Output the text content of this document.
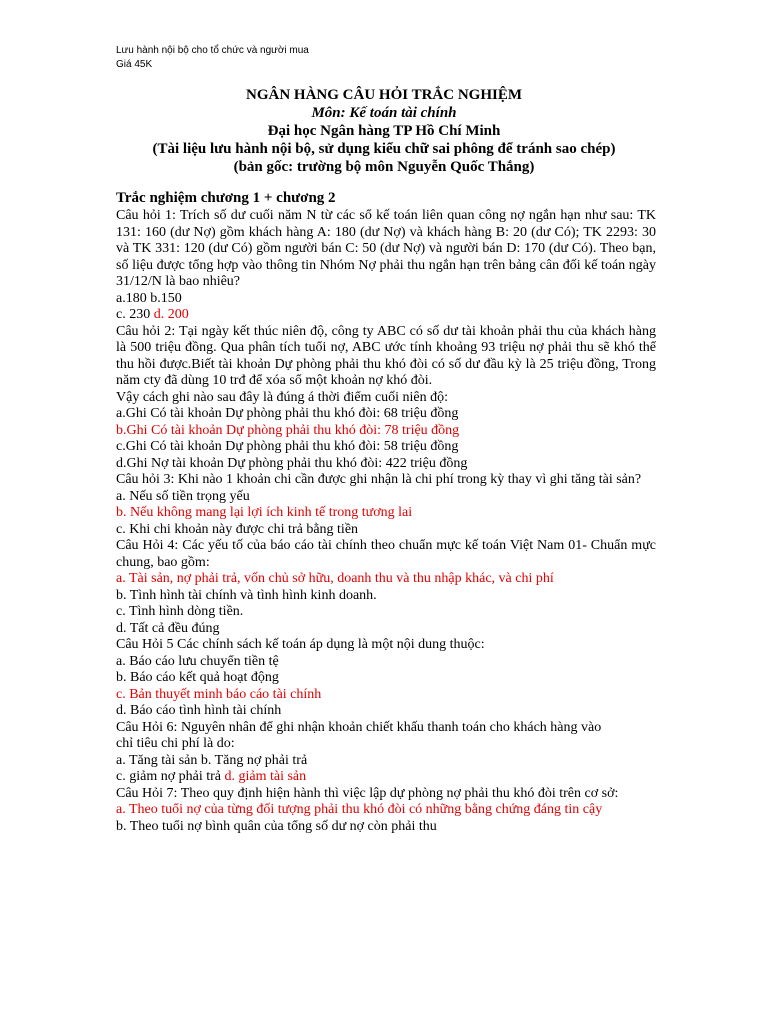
Lưu hành nội bộ cho tổ chức và người mua
Giá 45K
NGÂN HÀNG CÂU HỎI TRẮC NGHIỆM
Môn: Kế toán tài chính
Đại học Ngân hàng TP Hồ Chí Minh
(Tài liệu lưu hành nội bộ, sử dụng kiểu chữ sai phông để tránh sao chép)
(bản gốc: trường bộ môn Nguyễn Quốc Thắng)
Trắc nghiệm chương 1 + chương 2
Câu hỏi 1: Trích số dư cuối năm N từ các sổ kế toán liên quan công nợ ngắn hạn như sau: TK 131: 160 (dư Nợ) gồm khách hàng A: 180 (dư Nợ) và khách hàng B: 20 (dư Có); TK 2293: 30 và TK 331: 120 (dư Có) gồm người bán C: 50 (dư Nợ) và người bán D: 170 (dư Có). Theo bạn, số liệu được tổng hợp vào thông tin Nhóm Nợ phải thu ngắn hạn trên bảng cân đối kế toán ngày 31/12/N là bao nhiêu?
a.180 b.150
c. 230 d. 200
Câu hỏi 2: Tại ngày kết thúc niên độ, công ty ABC có số dư tài khoản phải thu của khách hàng là 500 triệu đồng. Qua phân tích tuổi nợ, ABC ước tính khoảng 93 triệu nợ phải thu sẽ khó thể thu hồi được.Biết tài khoản Dự phòng phải thu khó đòi có số dư đầu kỳ là 25 triệu đồng, Trong năm cty đã dùng 10 trđ để xóa sổ một khoản nợ khó đòi.
Vậy cách ghi nào sau đây là đúng á thời điểm cuối niên độ:
a.Ghi Có tài khoản Dự phòng phải thu khó đòi: 68 triệu đồng
b.Ghi Có tài khoản Dự phòng phải thu khó đòi: 78 triệu đồng
c.Ghi Có tài khoản Dự phòng phải thu khó đòi: 58 triệu đồng
d.Ghi Nợ tài khoản Dự phòng phải thu khó đòi: 422 triệu đồng
Câu hỏi 3: Khi nào 1 khoản chi cần được ghi nhận là chi phí trong kỳ thay vì ghi tăng tài sản?
a. Nếu số tiền trọng yếu
b. Nếu không mang lại lợi ích kinh tế trong tương lai
c. Khi chi khoản này được chi trả bằng tiền
Câu Hỏi 4: Các yếu tố của báo cáo tài chính theo chuẩn mực kế toán Việt Nam 01- Chuẩn mực chung, bao gồm:
a. Tài sản, nợ phải trả, vốn chủ sở hữu, doanh thu và thu nhập khác, và chi phí
b. Tình hình tài chính và tình hình kinh doanh.
c. Tình hình dòng tiền.
d. Tất cả đều đúng
Câu Hỏi 5 Các chính sách kế toán áp dụng là một nội dung thuộc:
a. Báo cáo lưu chuyển tiền tệ
b. Báo cáo kết quả hoạt động
c. Bản thuyết minh báo cáo tài chính
d. Báo cáo tình hình tài chính
Câu Hỏi 6: Nguyên nhân để ghi nhận khoản chiết khấu thanh toán cho khách hàng vào
chỉ tiêu chi phí là do:
a. Tăng tài sản b. Tăng nợ phải trả
c. giảm nợ phải trả d. giảm tài sản
Câu Hỏi 7: Theo quy định hiện hành thì việc lập dự phòng nợ phải thu khó đòi trên cơ sở:
a. Theo tuổi nợ của từng đối tượng phải thu khó đòi có những bằng chứng đáng tin cậy
b. Theo tuổi nợ bình quân của tổng số dư nợ còn phải thu
